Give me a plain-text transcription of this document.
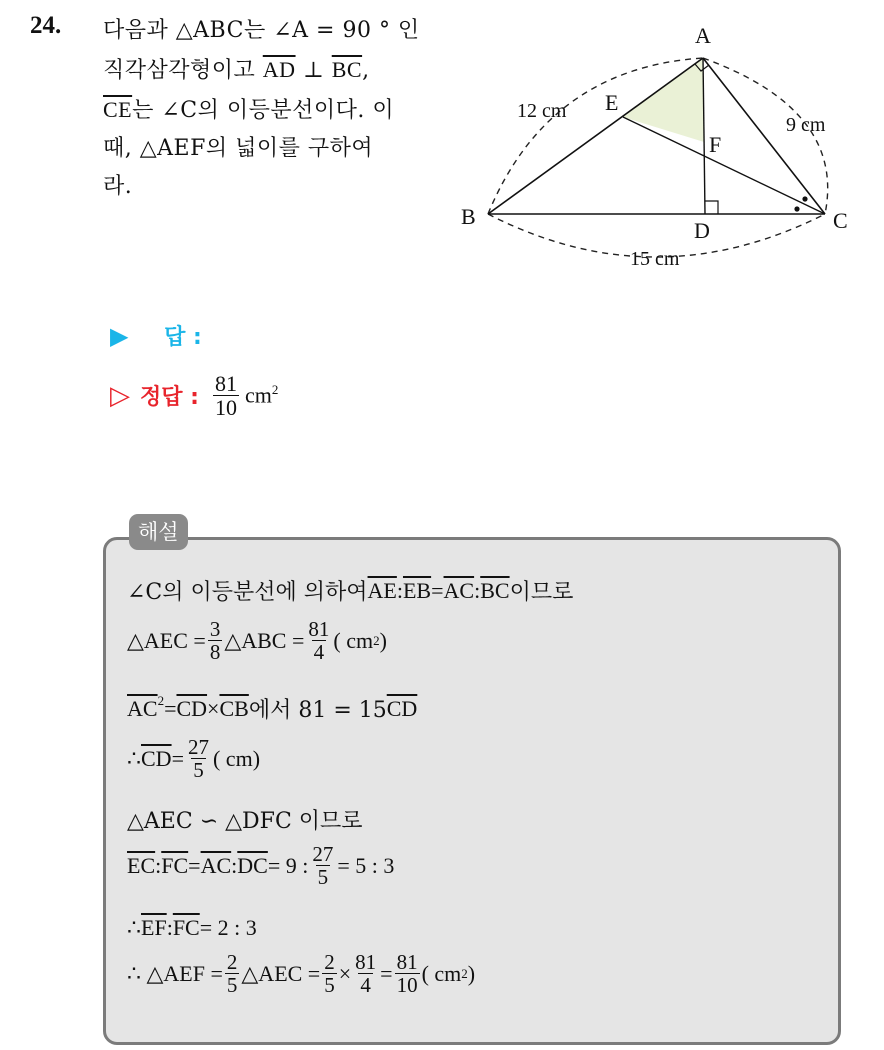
24. 다음과 △ABC는 ∠A = 90 ° 인
직각삼각형이고 $\overline{AD}$ ⊥ $\overline{BC}$,
$\overline{CE}$는 ∠C의 이등분선이다. 이
때, △AEF의 넓이를 구하여
라.
A
B	C
D
E
F
12 cm
9 cm
15 cm
▶ 답 :
▷ 정답 : $\frac{81}{10} cm^2$
해설
∠C의 이등분선에 의하여 $\overline{AE}$ : $\overline{EB} = \overline{AC}$ : $\overline{BC}$ 이므로
△AEC = $\frac{3}{8}$ △ABC = $\frac{81}{4}$ ( cm 2 )
$\overline{AC}^2 = \overline{CD} \times \overline{CB}$ 에서 81 = 15 $\overline{CD}$
∴ $\overline{CD} = \frac{27}{5}$ ( cm)
△AEC ∽ △DFC 이므로
$\overline{EC}$ : $\overline{FC} = \overline{AC}$ : $\overline{DC} = 9$ : $\frac{27}{5} = 5$ : 3
∴ $\overline{EF}$ : $\overline{FC} = 2$ : 3
∴ △AEF = $\frac{2}{5}$ △AEC = $\frac{2}{5} \times \frac{81}{4} = \frac{81}{10}$ ( cm 2 )
